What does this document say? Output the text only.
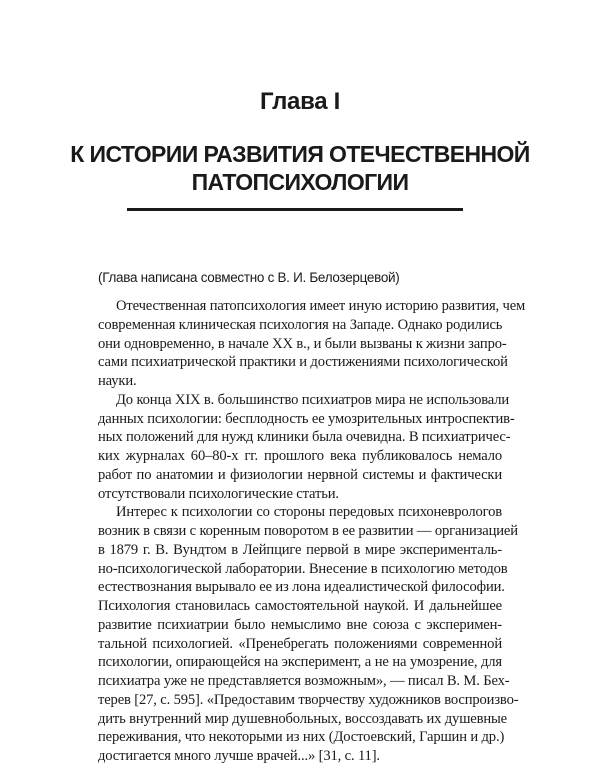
Глава I
К ИСТОРИИ РАЗВИТИЯ ОТЕЧЕСТВЕННОЙ
ПАТОПСИХОЛОГИИ
(Глава написана совместно с В. И. Белозерцевой)
Отечественная патопсихология имеет иную историю развития, чем
современная клиническая психология на Западе. Однако родились
они одновременно, в начале XX в., и были вызваны к жизни запро-
сами психиатрической практики и достижениями психологической
науки.
До конца XIX в. большинство психиатров мира не использовали
данных психологии: бесплодность ее умозрительных интроспектив-
ных положений для нужд клиники была очевидна. В психиатричес-
ких журналах 60–80-х гг. прошлого века публиковалось немало
работ по анатомии и физиологии нервной системы и фактически
отсутствовали психологические статьи.
Интерес к психологии со стороны передовых психоневрологов
возник в связи с коренным поворотом в ее развитии — организацией
в 1879 г. В. Вундтом в Лейпциге первой в мире эксперименталь-
но-психологической лаборатории. Внесение в психологию методов
естествознания вырывало ее из лона идеалистической философии.
Психология становилась самостоятельной наукой. И дальнейшее
развитие психиатрии было немыслимо вне союза с эксперимен-
тальной психологией. «Пренебрегать положениями современной
психологии, опирающейся на эксперимент, а не на умозрение, для
психиатра уже не представляется возможным», — писал В. М. Бех-
терев [27, с. 595]. «Предоставим творчеству художников воспроизво-
дить внутренний мир душевнобольных, воссоздавать их душевные
переживания, что некоторыми из них (Достоевский, Гаршин и др.)
достигается много лучше врачей...» [31, с. 11].
